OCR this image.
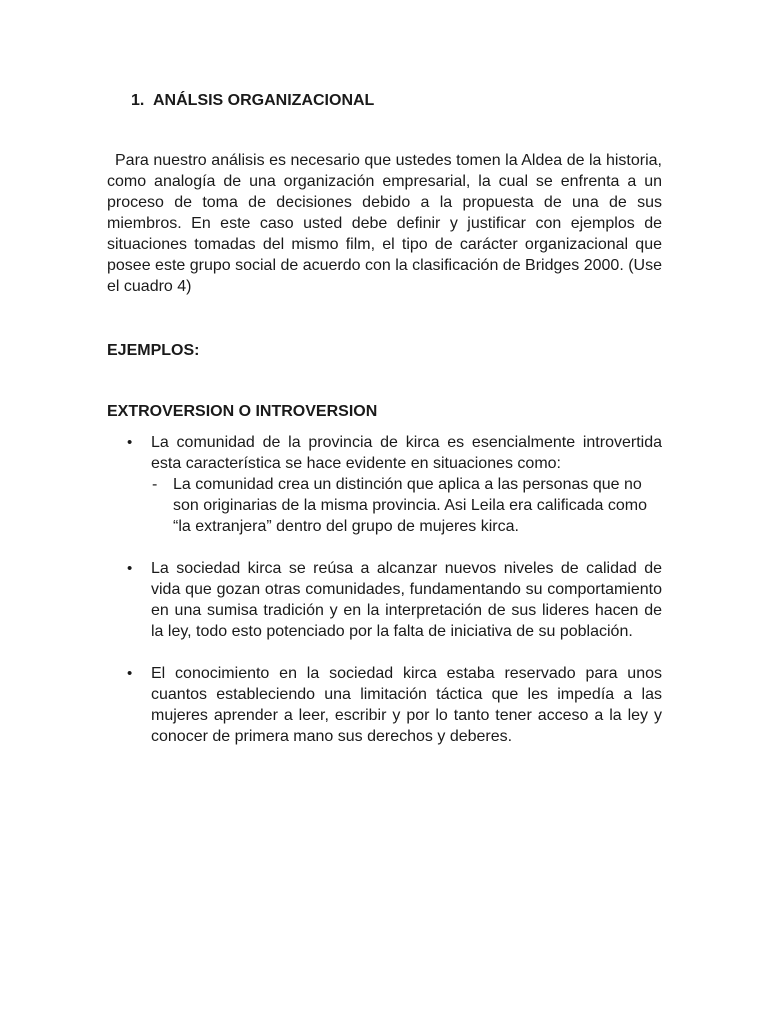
1. ANÁLSIS ORGANIZACIONAL

Para nuestro análisis es necesario que ustedes tomen la Aldea de la historia, como analogía de una organización empresarial, la cual se enfrenta a un proceso de toma de decisiones debido a la propuesta de una de sus miembros. En este caso usted debe definir y justificar con ejemplos de situaciones tomadas del mismo film, el tipo de carácter organizacional que posee este grupo social de acuerdo con la clasificación de Bridges 2000. (Use el cuadro 4)

EJEMPLOS:
EXTROVERSION O INTROVERSION
•	La comunidad de la provincia de kirca es esencialmente introvertida esta característica se hace evidente en situaciones como:
- La comunidad crea un distinción que aplica a las personas que no son originarias de la misma provincia. Asi Leila era calificada como “la extranjera” dentro del grupo de mujeres kirca.
•	La sociedad kirca se reúsa a alcanzar nuevos niveles de calidad de vida que gozan otras comunidades, fundamentando su comportamiento en una sumisa tradición y en la interpretación de sus lideres hacen de la ley, todo esto potenciado por la falta de iniciativa de su población.
•	El conocimiento en la sociedad kirca estaba reservado para unos cuantos estableciendo una limitación táctica que les impedía a las mujeres aprender a leer, escribir y por lo tanto tener acceso a la ley y conocer de primera mano sus derechos y deberes.
